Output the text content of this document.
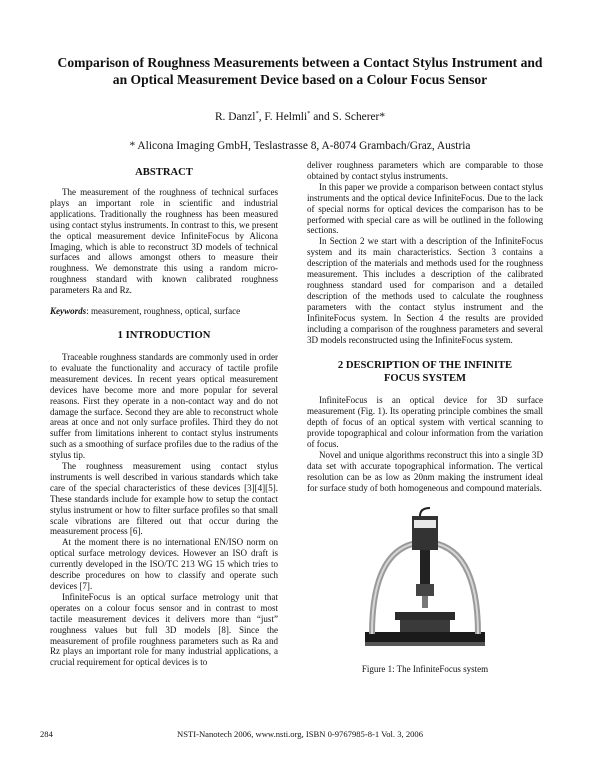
Comparison of Roughness Measurements between a Contact Stylus Instrument and
an Optical Measurement Device based on a Colour Focus Sensor
R. Danzl*, F. Helmli* and S. Scherer*
* Alicona Imaging GmbH, Teslastrasse 8, A-8074 Grambach/Graz, Austria
ABSTRACT

The measurement of the roughness of technical surfaces plays an important role in scientific and industrial applications. Traditionally the roughness has been measured using contact stylus instruments. In contrast to this, we present the optical measurement device InfiniteFocus by Alicona Imaging, which is able to reconstruct 3D models of technical surfaces and allows amongst others to measure their roughness. We demonstrate this using a random micro-roughness standard with known calibrated roughness parameters Ra and Rz.

Keywords: measurement, roughness, optical, surface

1 INTRODUCTION

Traceable roughness standards are commonly used in order to evaluate the functionality and accuracy of tactile profile measurement devices. In recent years optical measurement devices have become more and more popular for several reasons. First they operate in a non-contact way and do not damage the surface. Second they are able to reconstruct whole areas at once and not only surface profiles. Third they do not suffer from limitations inherent to contact stylus instruments such as a smoothing of surface profiles due to the radius of the stylus tip.

The roughness measurement using contact stylus instruments is well described in various standards which take care of the special characteristics of these devices [3][4][5]. These standards include for example how to setup the contact stylus instrument or how to filter surface profiles so that small scale vibrations are filtered out that occur during the measurement process [6].

At the moment there is no international EN/ISO norm on optical surface metrology devices. However an ISO draft is currently developed in the ISO/TC 213 WG 15 which tries to describe procedures on how to classify and operate such devices [7].

InfiniteFocus is an optical surface metrology unit that operates on a colour focus sensor and in contrast to most tactile measurement devices it delivers more than “just” roughness values but full 3D models [8]. Since the measurement of profile roughness parameters such as Ra and Rz plays an important role for many industrial applications, a crucial requirement for optical devices is to

deliver roughness parameters which are comparable to those obtained by contact stylus instruments.

In this paper we provide a comparison between contact stylus instruments and the optical device InfiniteFocus. Due to the lack of special norms for optical devices the comparison has to be performed with special care as will be outlined in the following sections.

In Section 2 we start with a description of the InfiniteFocus system and its main characteristics. Section 3 contains a description of the materials and methods used for the roughness measurement. This includes a description of the calibrated roughness standard used for comparison and a detailed description of the methods used to calculate the roughness parameters with the contact stylus instrument and the InfiniteFocus system. In Section 4 the results are provided including a comparison of the roughness parameters and several 3D models reconstructed using the InfiniteFocus system.

2 DESCRIPTION OF THE INFINITE
FOCUS SYSTEM

InfiniteFocus is an optical device for 3D surface measurement (Fig. 1). Its operating principle combines the small depth of focus of an optical system with vertical scanning to provide topographical and colour information from the variation of focus.

Novel and unique algorithms reconstruct this into a single 3D data set with accurate topographical information. The vertical resolution can be as low as 20nm making the instrument ideal for surface study of both homogeneous and compound materials.

Figure 1: The InfiniteFocus system
284	NSTI-Nanotech 2006, www.nsti.org, ISBN 0-9767985-8-1 Vol. 3, 2006
